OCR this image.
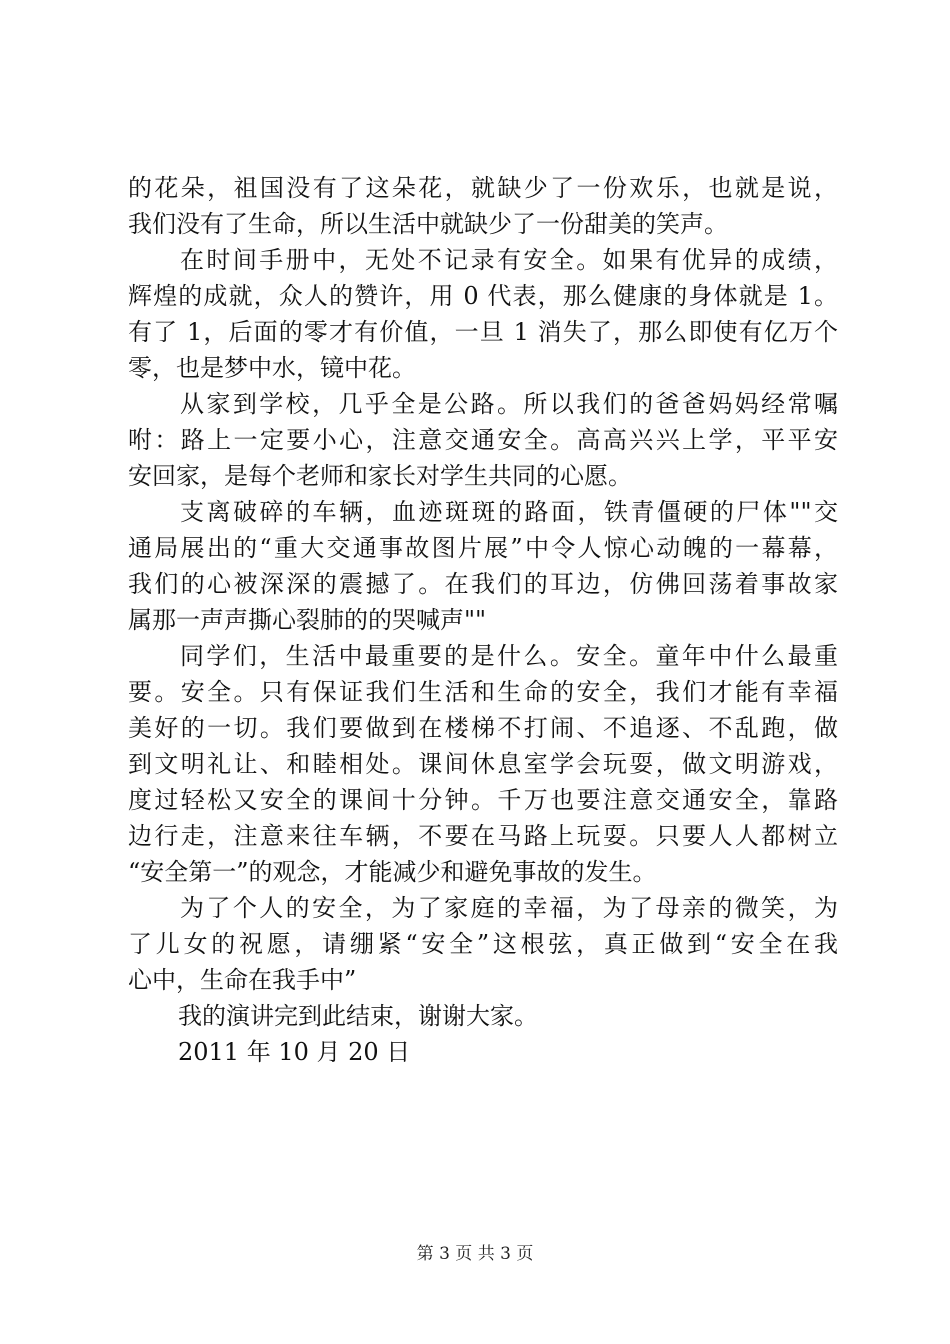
的花朵，祖国没有了这朵花，就缺少了一份欢乐，也就是说，
我们没有了生命，所以生活中就缺少了一份甜美的笑声。
在时间手册中，无处不记录有安全。如果有优异的成绩，
辉煌的成就，众人的赞许，用 0 代表，那么健康的身体就是 1。
有了 1，后面的零才有价值，一旦 1 消失了，那么即使有亿万个
零，也是梦中水，镜中花。
从家到学校，几乎全是公路。所以我们的爸爸妈妈经常嘱
咐：路上一定要小心，注意交通安全。高高兴兴上学，平平安
安回家，是每个老师和家长对学生共同的心愿。
支离破碎的车辆，血迹斑斑的路面，铁青僵硬的尸体""交
通局展出的“重大交通事故图片展”中令人惊心动魄的一幕幕，
我们的心被深深的震撼了。在我们的耳边，仿佛回荡着事故家
属那一声声撕心裂肺的的哭喊声""
同学们，生活中最重要的是什么。安全。童年中什么最重
要。安全。只有保证我们生活和生命的安全，我们才能有幸福
美好的一切。我们要做到在楼梯不打闹、不追逐、不乱跑，做
到文明礼让、和睦相处。课间休息室学会玩耍，做文明游戏，
度过轻松又安全的课间十分钟。千万也要注意交通安全，靠路
边行走，注意来往车辆，不要在马路上玩耍。只要人人都树立
“安全第一”的观念，才能减少和避免事故的发生。
为了个人的安全，为了家庭的幸福，为了母亲的微笑，为
了儿女的祝愿，请绷紧“安全”这根弦，真正做到“安全在我
心中，生命在我手中”
我的演讲完到此结束，谢谢大家。
2011 年 10 月 20 日
第 3 页 共 3 页
